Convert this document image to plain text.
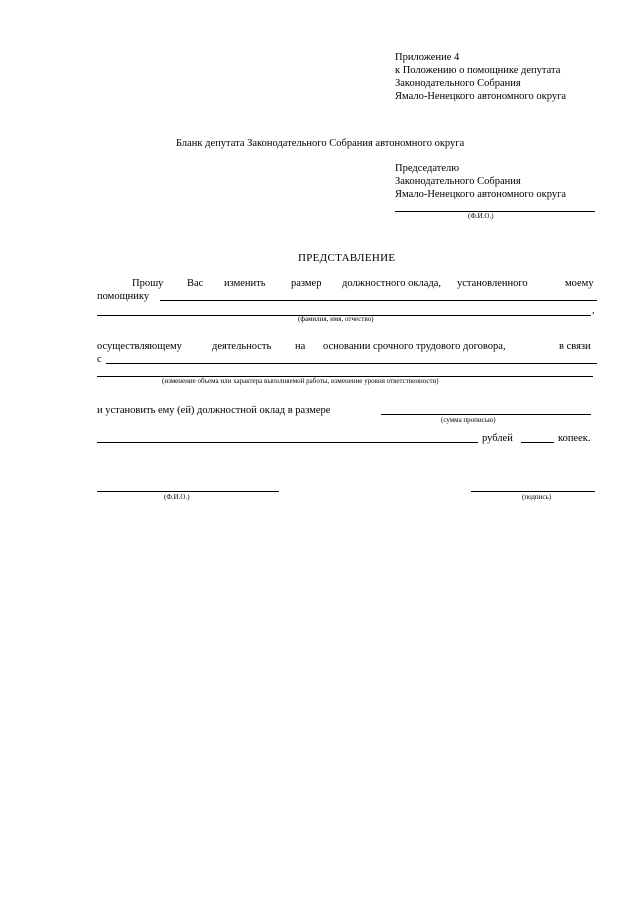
Приложение 4
к Положению о помощнике депутата
Законодательного Собрания
Ямало-Ненецкого автономного округа
Бланк депутата Законодательного Собрания автономного округа
Председателю
Законодательного Собрания
Ямало-Ненецкого автономного округа
(Ф.И.О.)
ПРЕДСТАВЛЕНИЕ
Прошу Вас изменить размер должностного оклада, установленного	моему
помощнику
,
(фамилия, имя, отчество)
осуществляющему	деятельность на основании срочного трудового договора,	в связи
с
(изменение объема или характера выполняемой работы, изменение уровня ответственности)
и установить ему (ей) должностной оклад в размере
(сумма прописью)
рублей	копеек.
(Ф.И.О.)	(подпись)
